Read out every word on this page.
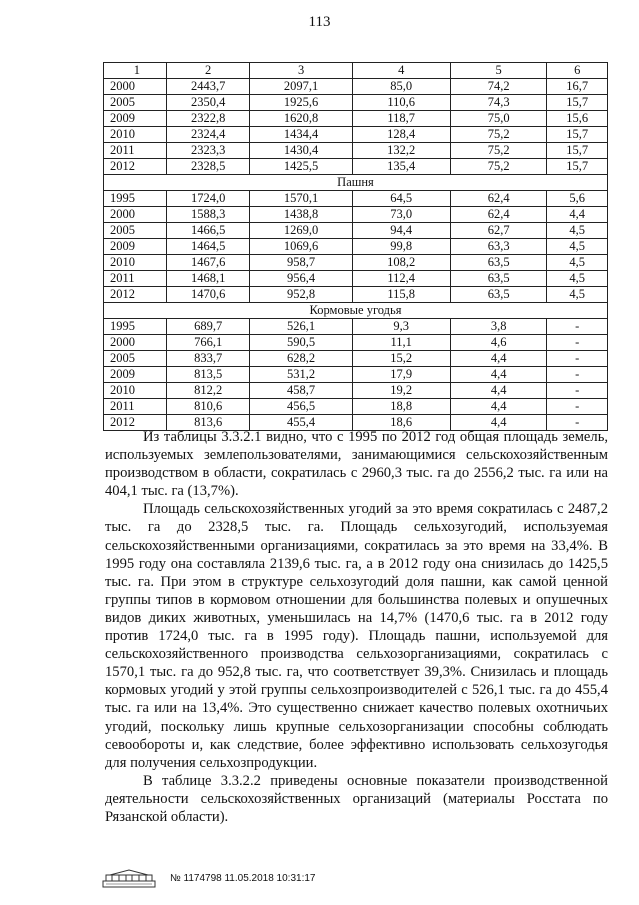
113
1	2	3	4	5	6
2000	2443,7	2097,1	85,0	74,2	16,7
2005	2350,4	1925,6	110,6	74,3	15,7
2009	2322,8	1620,8	118,7	75,0	15,6
2010	2324,4	1434,4	128,4	75,2	15,7
2011	2323,3	1430,4	132,2	75,2	15,7
2012	2328,5	1425,5	135,4	75,2	15,7
Пашня					
1995	1724,0	1570,1	64,5	62,4	5,6
2000	1588,3	1438,8	73,0	62,4	4,4
2005	1466,5	1269,0	94,4	62,7	4,5
2009	1464,5	1069,6	99,8	63,3	4,5
2010	1467,6	958,7	108,2	63,5	4,5
2011	1468,1	956,4	112,4	63,5	4,5
2012	1470,6	952,8	115,8	63,5	4,5
Кормовые угодья					
1995	689,7	526,1	9,3	3,8	-
2000	766,1	590,5	11,1	4,6	-
2005	833,7	628,2	15,2	4,4	-
2009	813,5	531,2	17,9	4,4	-
2010	812,2	458,7	19,2	4,4	-
2011	810,6	456,5	18,8	4,4	-
2012	813,6	455,4	18,6	4,4	-

Из таблицы 3.3.2.1 видно, что с 1995 по 2012 год общая площадь земель, используемых землепользователями, занимающимися сельскохозяйственным производством в области, сократилась с 2960,3 тыс. га до 2556,2 тыс. га или на 404,1 тыс. га (13,7%).

Площадь сельскохозяйственных угодий за это время сократилась с 2487,2 тыс. га до 2328,5 тыс. га. Площадь сельхозугодий, используемая сельскохозяйственными организациями, сократилась за это время на 33,4%. В 1995 году она составляла 2139,6 тыс. га, а в 2012 году она снизилась до 1425,5 тыс. га. При этом в структуре сельхозугодий доля пашни, как самой ценной группы типов в кормовом отношении для большинства полевых и опушечных видов диких животных, уменьшилась на 14,7% (1470,6 тыс. га в 2012 году против 1724,0 тыс. га в 1995 году). Площадь пашни, используемой для сельскохозяйственного производства сельхозорганизациями, сократилась с 1570,1 тыс. га до 952,8 тыс. га, что соответствует 39,3%. Снизилась и площадь кормовых угодий у этой группы сельхозпроизводителей с 526,1 тыс. га до 455,4 тыс. га или на 13,4%. Это существенно снижает качество полевых охотничьих угодий, поскольку лишь крупные сельхозорганизации способны соблюдать севообороты и, как следствие, более эффективно использовать сельхозугодья для получения сельхозпродукции.

В таблице 3.3.2.2 приведены основные показатели производственной деятельности сельскохозяйственных организаций (материалы Росстата по Рязанской области).

№ 1174798 11.05.2018 10:31:17
